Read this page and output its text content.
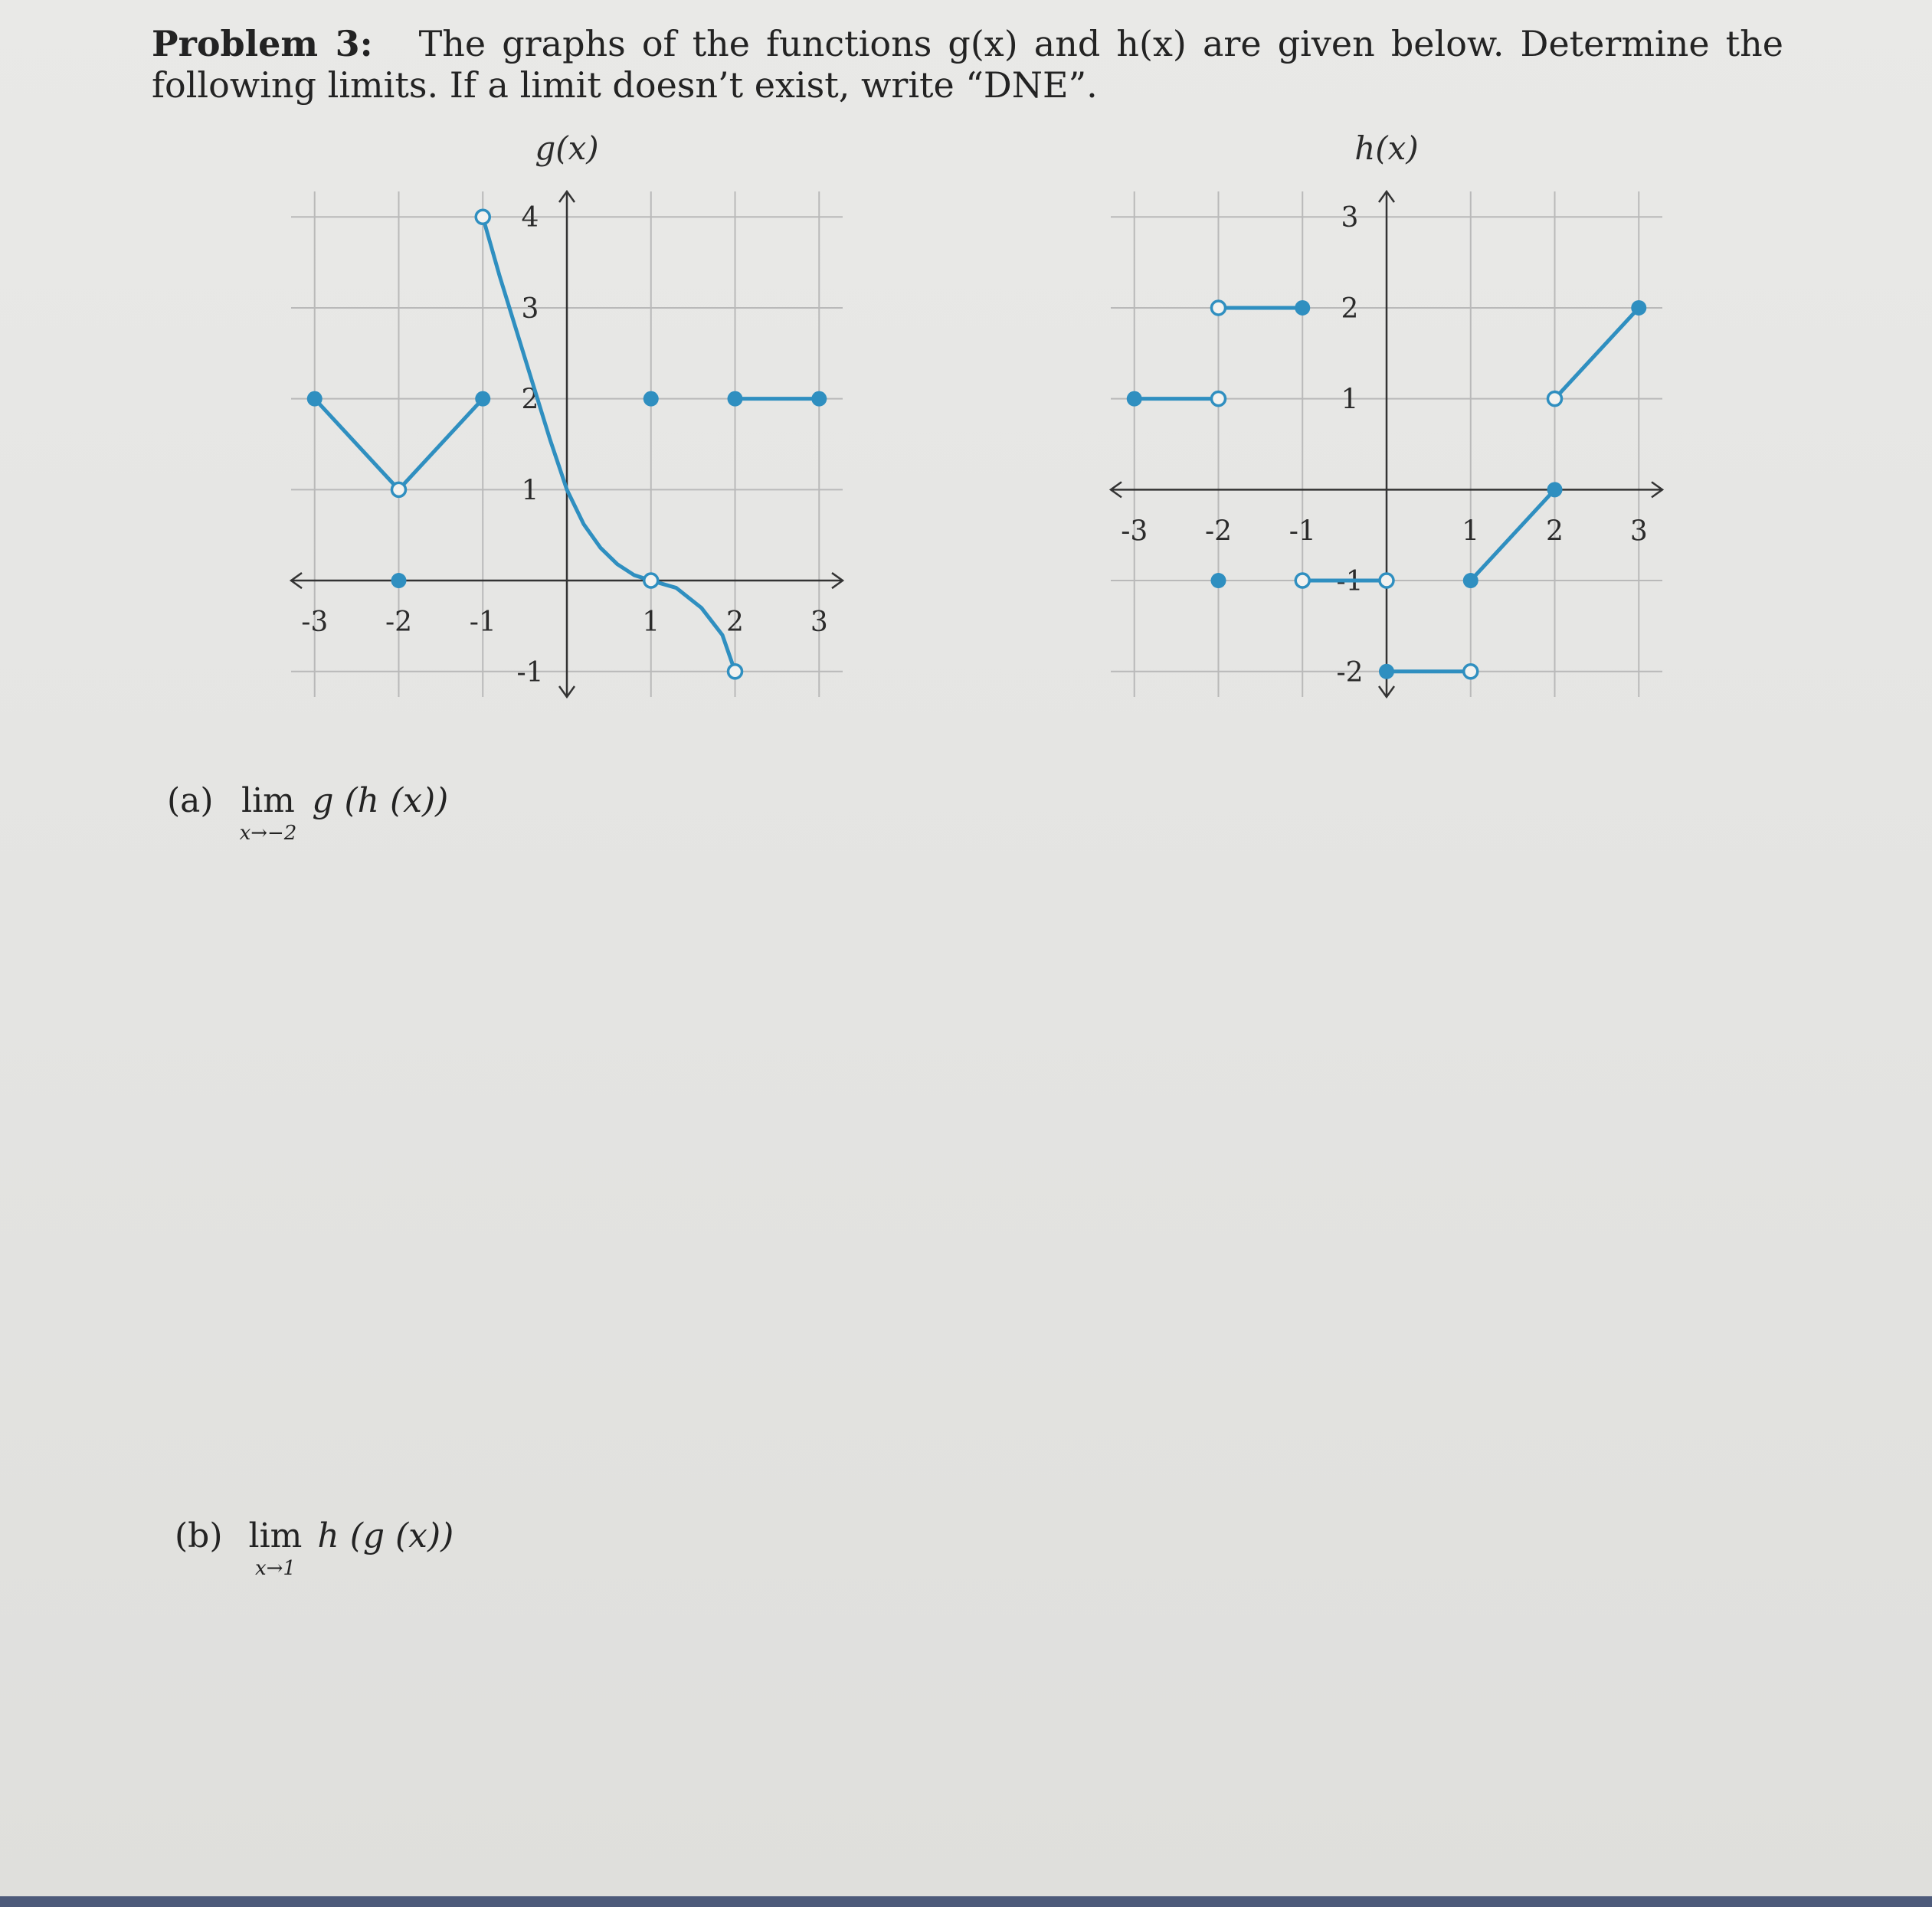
Problem 3: The graphs of the functions g(x) and h(x) are given below. Determine the following limits. If a limit doesn’t exist, write “DNE”.
-3 -2 -1	1 2 3
-1
1
2
3
4
g(x)
-3 -2 -1	1 2 3
-2
-1
1
2
3
h(x)
(a) lim
x→−2
g (h (x))
(b) lim
x→1
h (g (x))
